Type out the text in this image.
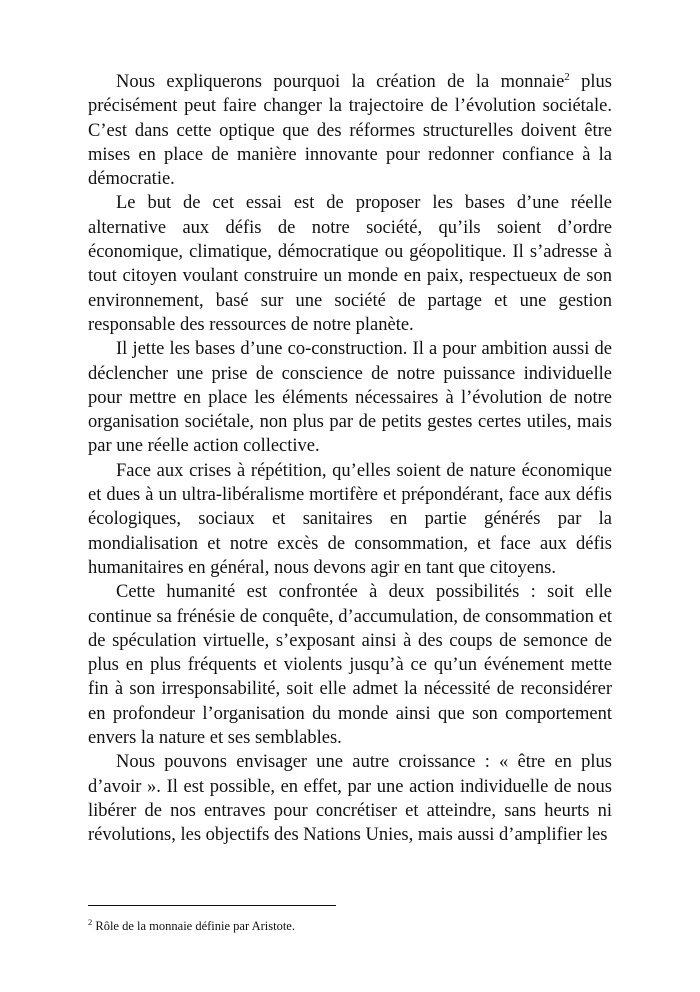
Nous expliquerons pourquoi la création de la monnaie$^2$ plus précisément peut faire changer la trajectoire de l’évolution sociétale. C’est dans cette optique que des réformes structurelles doivent être mises en place de manière innovante pour redonner confiance à la démocratie.

Le but de cet essai est de proposer les bases d’une réelle alternative aux défis de notre société, qu’ils soient d’ordre économique, climatique, démocratique ou géopolitique. Il s’adresse à tout citoyen voulant construire un monde en paix, respectueux de son environnement, basé sur une société de partage et une gestion responsable des ressources de notre planète.

Il jette les bases d’une co-construction. Il a pour ambition aussi de déclencher une prise de conscience de notre puissance individuelle pour mettre en place les éléments nécessaires à l’évolution de notre organisation sociétale, non plus par de petits gestes certes utiles, mais par une réelle action collective.

Face aux crises à répétition, qu’elles soient de nature économique et dues à un ultra-libéralisme mortifère et prépondérant, face aux défis écologiques, sociaux et sanitaires en partie générés par la mondialisation et notre excès de consommation, et face aux défis humanitaires en général, nous devons agir en tant que citoyens.

Cette humanité est confrontée à deux possibilités : soit elle continue sa frénésie de conquête, d’accumulation, de consommation et de spéculation virtuelle, s’exposant ainsi à des coups de semonce de plus en plus fréquents et violents jusqu’à ce qu’un événement mette fin à son irresponsabilité, soit elle admet la nécessité de reconsidérer en profondeur l’organisation du monde ainsi que son comportement envers la nature et ses semblables.

Nous pouvons envisager une autre croissance : « être en plus d’avoir ». Il est possible, en effet, par une action individuelle de nous libérer de nos entraves pour concrétiser et atteindre, sans heurts ni révolutions, les objectifs des Nations Unies, mais aussi d’amplifier les

$^2$ Rôle de la monnaie définie par Aristote.
